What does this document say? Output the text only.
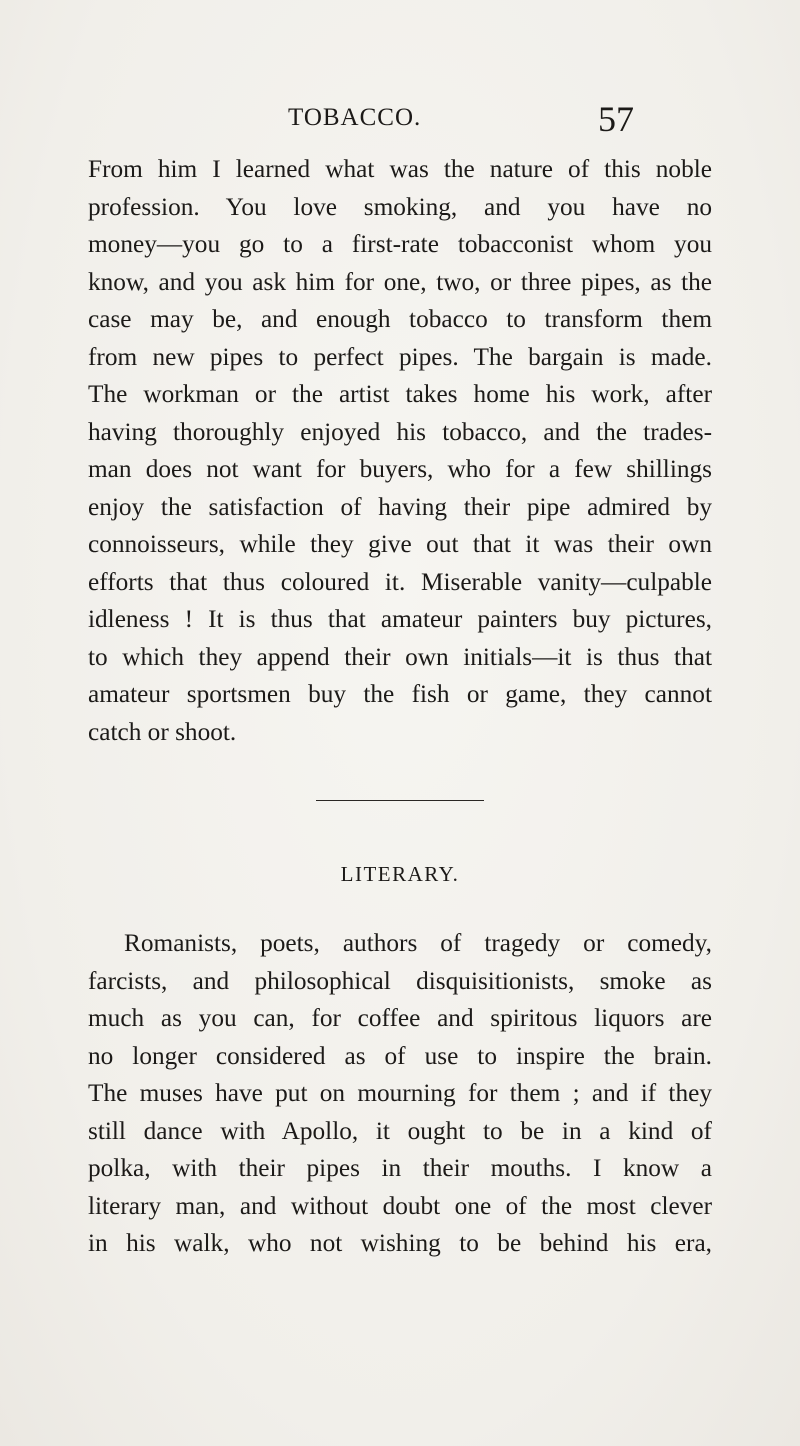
TOBACCO.	57
From him I learned what was the nature of this noble
profession. You love smoking, and you have no
money—you go to a first-rate tobacconist whom you
know, and you ask him for one, two, or three pipes, as the
case may be, and enough tobacco to transform them
from new pipes to perfect pipes. The bargain is made.
The workman or the artist takes home his work, after
having thoroughly enjoyed his tobacco, and the trades-
man does not want for buyers, who for a few shillings
enjoy the satisfaction of having their pipe admired by
connoisseurs, while they give out that it was their own
efforts that thus coloured it. Miserable vanity—culpable
idleness ! It is thus that amateur painters buy pictures,
to which they append their own initials—it is thus that
amateur sportsmen buy the fish or game, they cannot
catch or shoot.
LITERARY.
Romanists, poets, authors of tragedy or comedy,
farcists, and philosophical disquisitionists, smoke as
much as you can, for coffee and spiritous liquors are
no longer considered as of use to inspire the brain.
The muses have put on mourning for them ; and if they
still dance with Apollo, it ought to be in a kind of
polka, with their pipes in their mouths. I know a
literary man, and without doubt one of the most clever
in his walk, who not wishing to be behind his era,
